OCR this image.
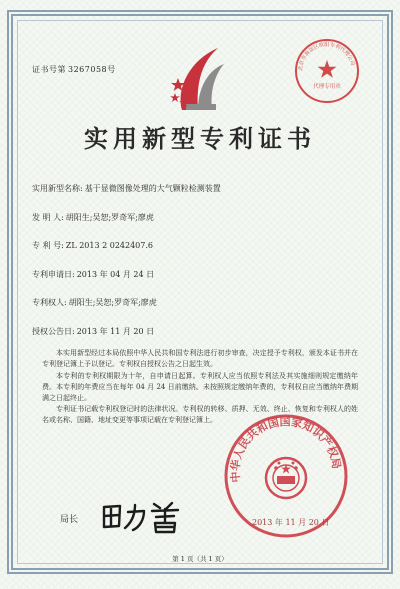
证书号第 3267058号	北京市海淀区欧阳专利代理公司
代理专用章
实用新型专利证书
实用新型名称: 基于显微图像处理的大气颗粒检测装置
发 明 人: 胡阳生;吴恕;罗奇军;廖虎
专 利 号: ZL 2013 2 0242407.6
专利申请日: 2013 年 04 月 24 日
专利权人: 胡阳生;吴恕;罗奇军;廖虎
授权公告日: 2013 年 11 月 20 日
本实用新型经过本局依照中华人民共和国专利法进行初步审查，决定授予专利权，颁发本证书并在专利登记簿上予以登记。专利权自授权公告之日起生效。
本专利的专利权期限为十年，自申请日起算。专利权人应当依照专利法及其实施细则规定缴纳年费。本专利的年费应当在每年 04 月 24 日前缴纳。未按照规定缴纳年费的，专利权自应当缴纳年费期满之日起终止。
专利证书记载专利权登记时的法律状况。专利权的转移、质押、无效、终止、恢复和专利权人的姓名或名称、国籍、地址变更等事项记载在专利登记簿上。
中华人民共和国国家知识产权局
2013 年 11 月 20 日
局长
第 1 页（共 1 页）
